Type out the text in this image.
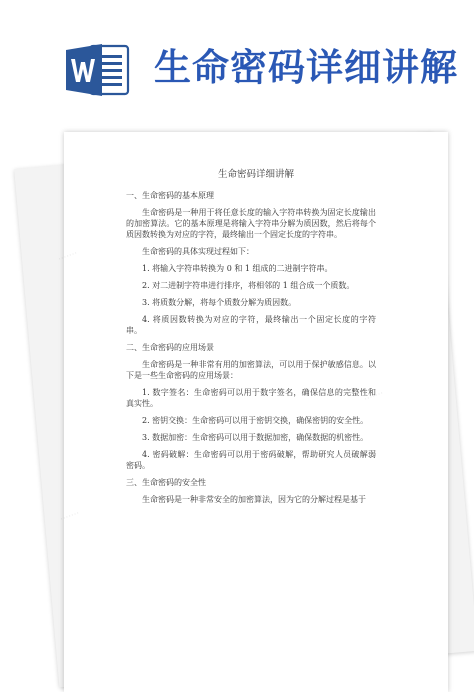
生命密码详细讲解
·······
·······
·······
生命密码详细讲解

一、生命密码的基本原理

生命密码是一种用于将任意长度的输入字符串转换为固定长度输出的加密算法。它的基本原理是将输入字符串分解为质因数，然后将每个质因数转换为对应的字符，最终输出一个固定长度的字符串。

生命密码的具体实现过程如下：

1. 将输入字符串转换为 0 和 1 组成的二进制字符串。

2. 对二进制字符串进行排序，将相邻的 1 组合成一个质数。

3. 将质数分解，将每个质数分解为质因数。

4. 将质因数转换为对应的字符，最终输出一个固定长度的字符串。

二、生命密码的应用场景

生命密码是一种非常有用的加密算法，可以用于保护敏感信息。以下是一些生命密码的应用场景：

1. 数字签名：生命密码可以用于数字签名，确保信息的完整性和真实性。

2. 密钥交换：生命密码可以用于密钥交换，确保密钥的安全性。

3. 数据加密：生命密码可以用于数据加密，确保数据的机密性。

4. 密码破解：生命密码可以用于密码破解，帮助研究人员破解弱密码。

三、生命密码的安全性

生命密码是一种非常安全的加密算法，因为它的分解过程是基于
